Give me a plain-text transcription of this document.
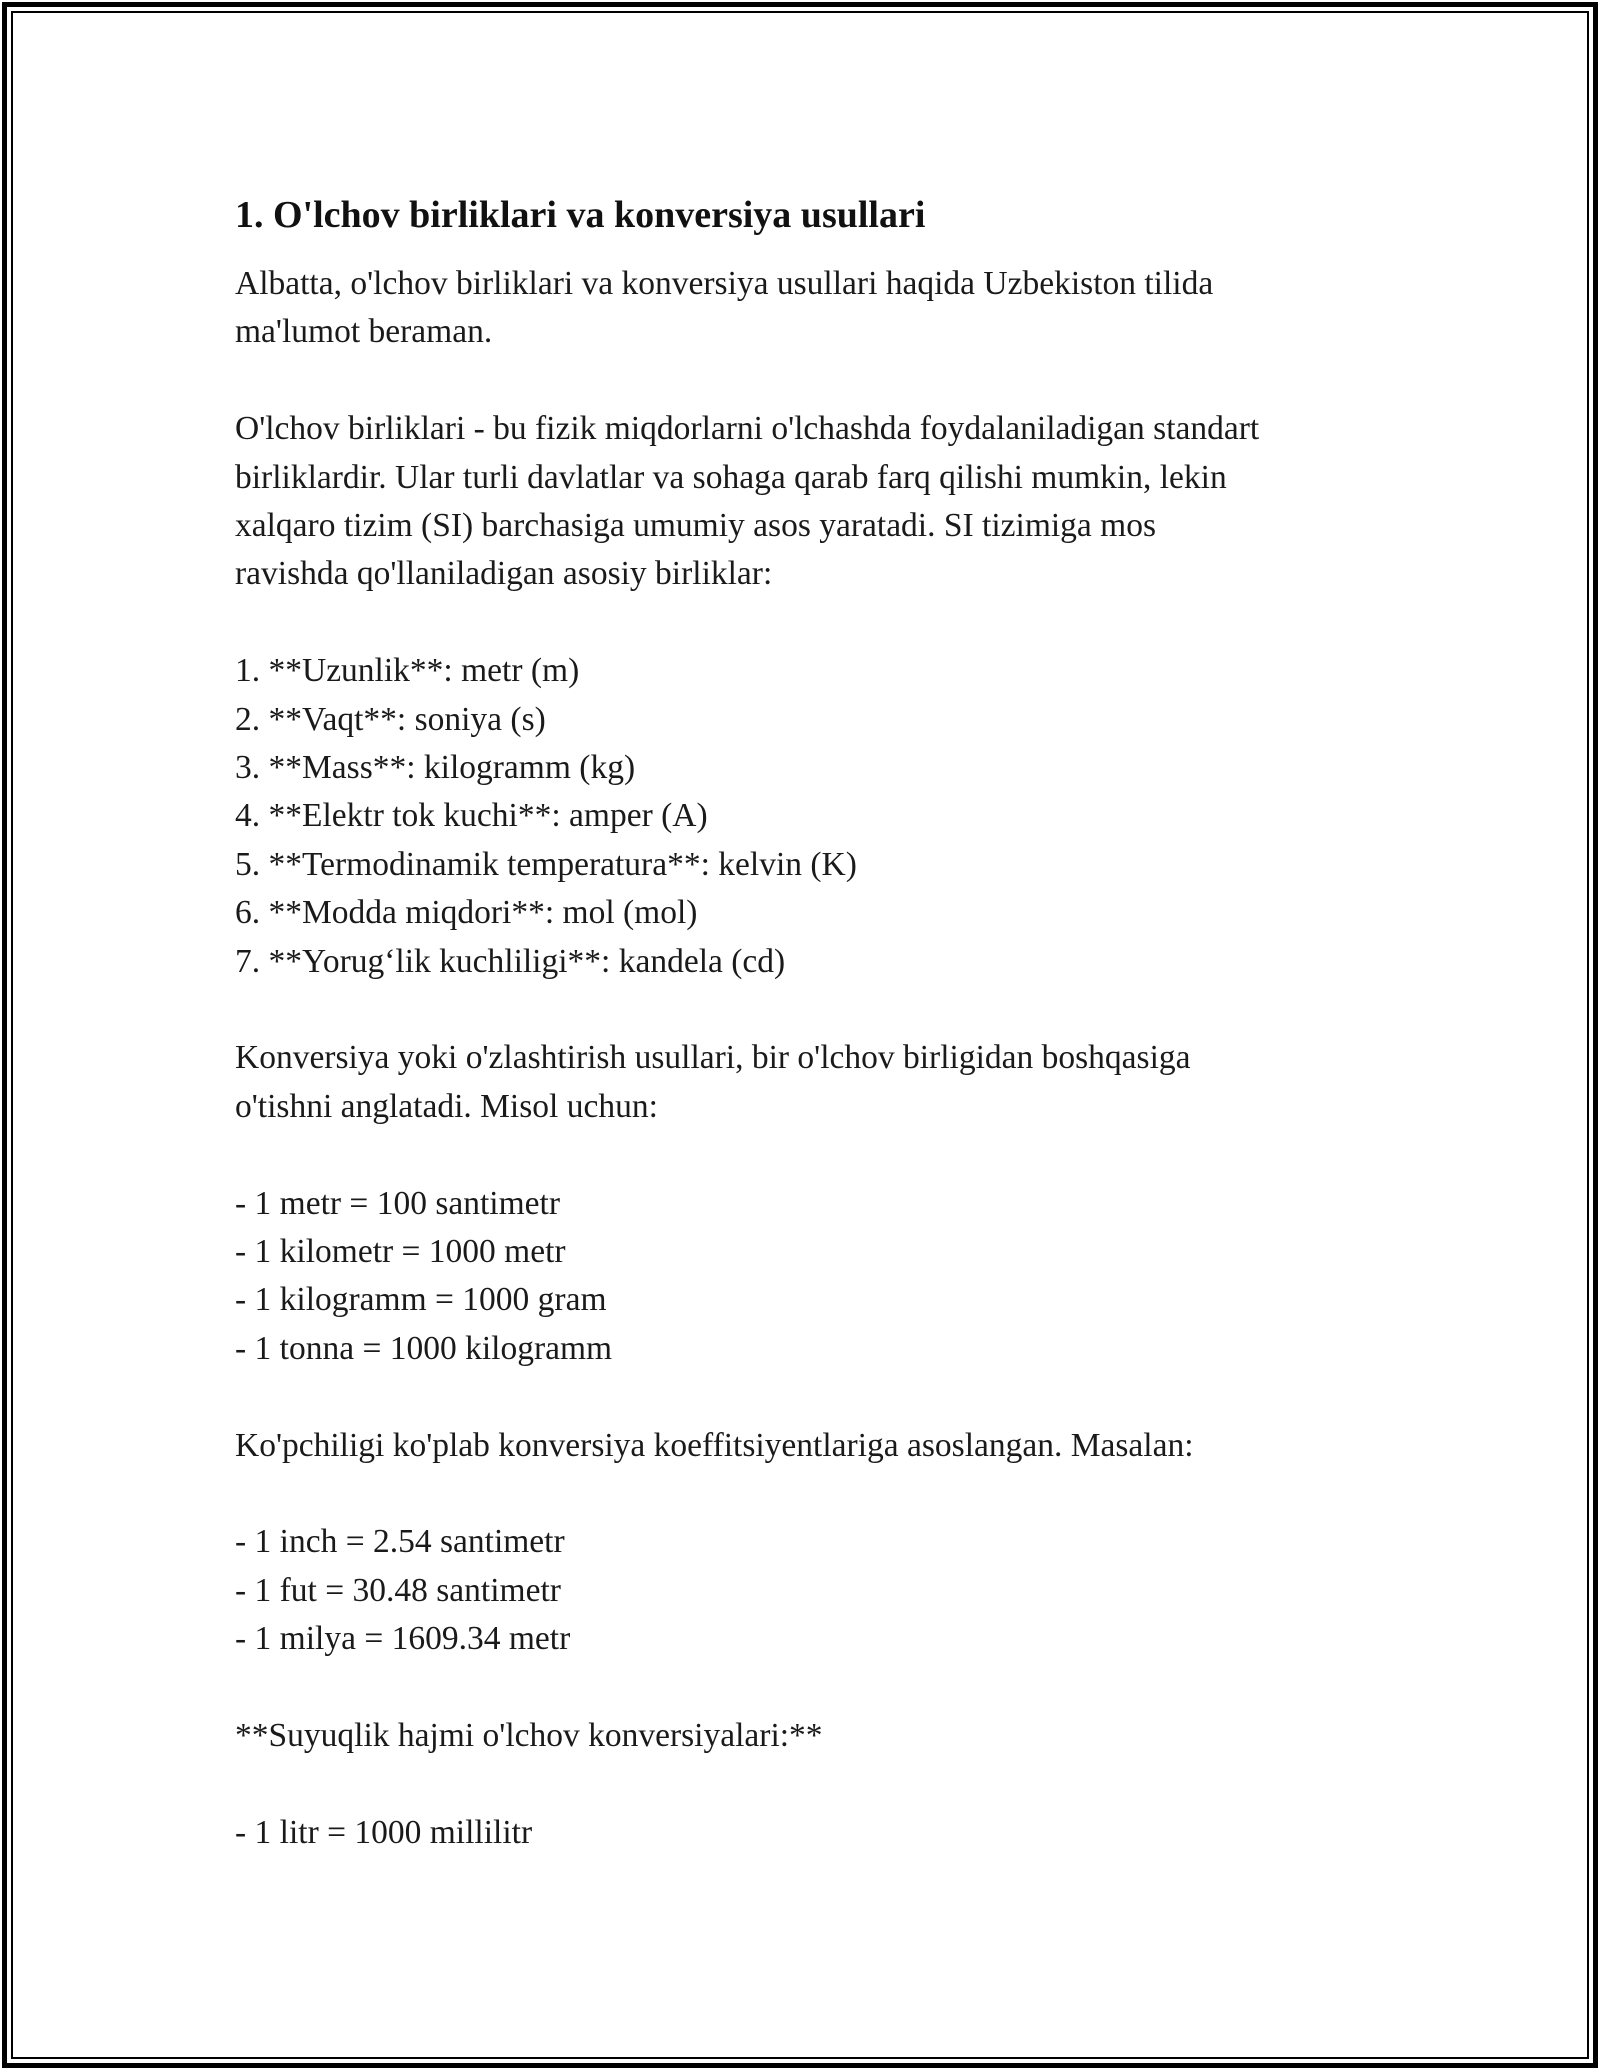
1. O'lchov birliklari va konversiya usullari

Albatta, o'lchov birliklari va konversiya usullari haqida Uzbekiston tilida

ma'lumot beraman.

O'lchov birliklari - bu fizik miqdorlarni o'lchashda foydalaniladigan standart

birliklardir. Ular turli davlatlar va sohaga qarab farq qilishi mumkin, lekin

xalqaro tizim (SI) barchasiga umumiy asos yaratadi. SI tizimiga mos

ravishda qo'llaniladigan asosiy birliklar:

1. **Uzunlik**: metr (m)

2. **Vaqt**: soniya (s)

3. **Mass**: kilogramm (kg)

4. **Elektr tok kuchi**: amper (A)

5. **Termodinamik temperatura**: kelvin (K)

6. **Modda miqdori**: mol (mol)

7. **Yorug‘lik kuchliligi**: kandela (cd)

Konversiya yoki o'zlashtirish usullari, bir o'lchov birligidan boshqasiga

o'tishni anglatadi. Misol uchun:

- 1 metr = 100 santimetr

- 1 kilometr = 1000 metr

- 1 kilogramm = 1000 gram

- 1 tonna = 1000 kilogramm

Ko'pchiligi ko'plab konversiya koeffitsiyentlariga asoslangan. Masalan:

- 1 inch = 2.54 santimetr

- 1 fut = 30.48 santimetr

- 1 milya = 1609.34 metr

**Suyuqlik hajmi o'lchov konversiyalari:**

- 1 litr = 1000 millilitr
